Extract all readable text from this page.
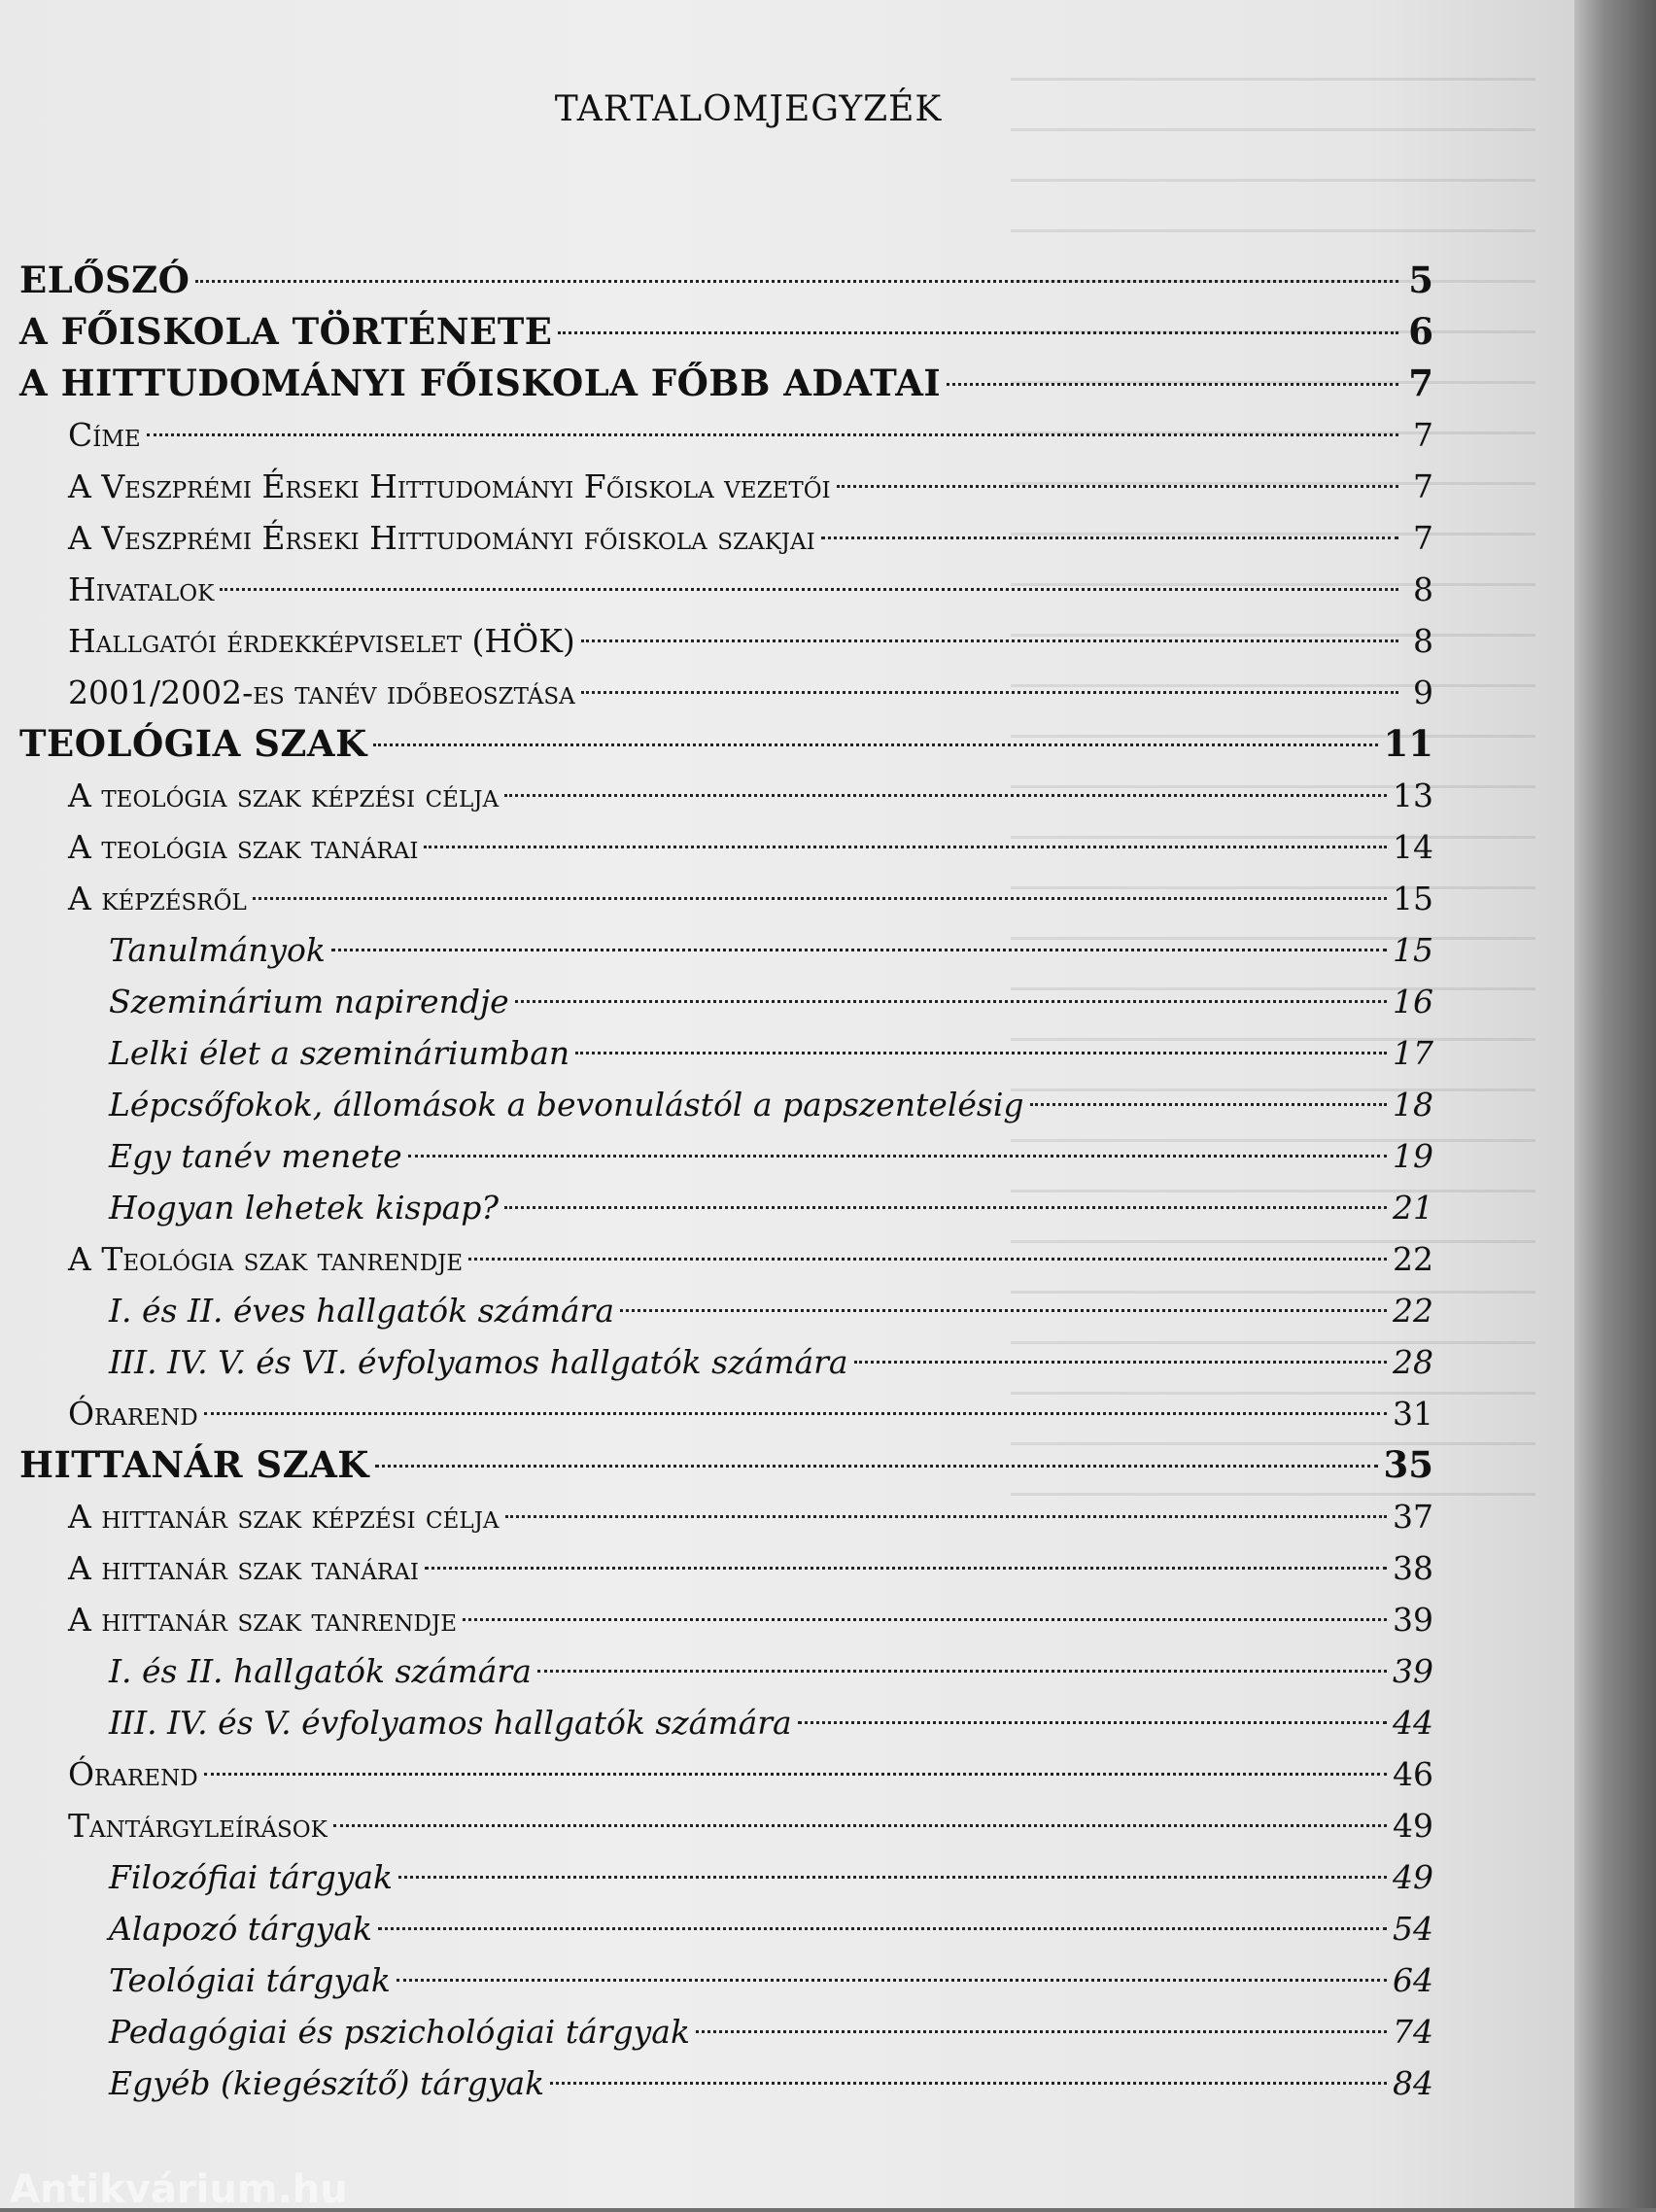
TARTALOMJEGYZÉK
ELŐSZÓ	5
A FŐISKOLA TÖRTÉNETE	6
A HITTUDOMÁNYI FŐISKOLA FŐBB ADATAI	7
Címe	7
A Veszprémi Érseki Hittudományi Főiskola vezetői	7
A Veszprémi Érseki Hittudományi főiskola szakjai	7
Hivatalok	8
Hallgatói érdekképviselet (HÖK)	8
2001/2002-es tanév időbeosztása	9
TEOLÓGIA SZAK	11
A teológia szak képzési célja	13
A teológia szak tanárai	14
A képzésről	15
Tanulmányok	15
Szeminárium napirendje	16
Lelki élet a szemináriumban	17
Lépcsőfokok, állomások a bevonulástól a papszentelésig	18
Egy tanév menete	19
Hogyan lehetek kispap?	21
A Teológia szak tanrendje	22
I. és II. éves hallgatók számára	22
III. IV. V. és VI. évfolyamos hallgatók számára	28
Órarend	31
HITTANÁR SZAK	35
A hittanár szak képzési célja	37
A hittanár szak tanárai	38
A hittanár szak tanrendje	39
I. és II. hallgatók számára	39
III. IV. és V. évfolyamos hallgatók számára	44
Órarend	46
Tantárgyleírások	49
Filozófiai tárgyak	49
Alapozó tárgyak	54
Teológiai tárgyak	64
Pedagógiai és pszichológiai tárgyak	74
Egyéb (kiegészítő) tárgyak	84
Antikvárium.hu
